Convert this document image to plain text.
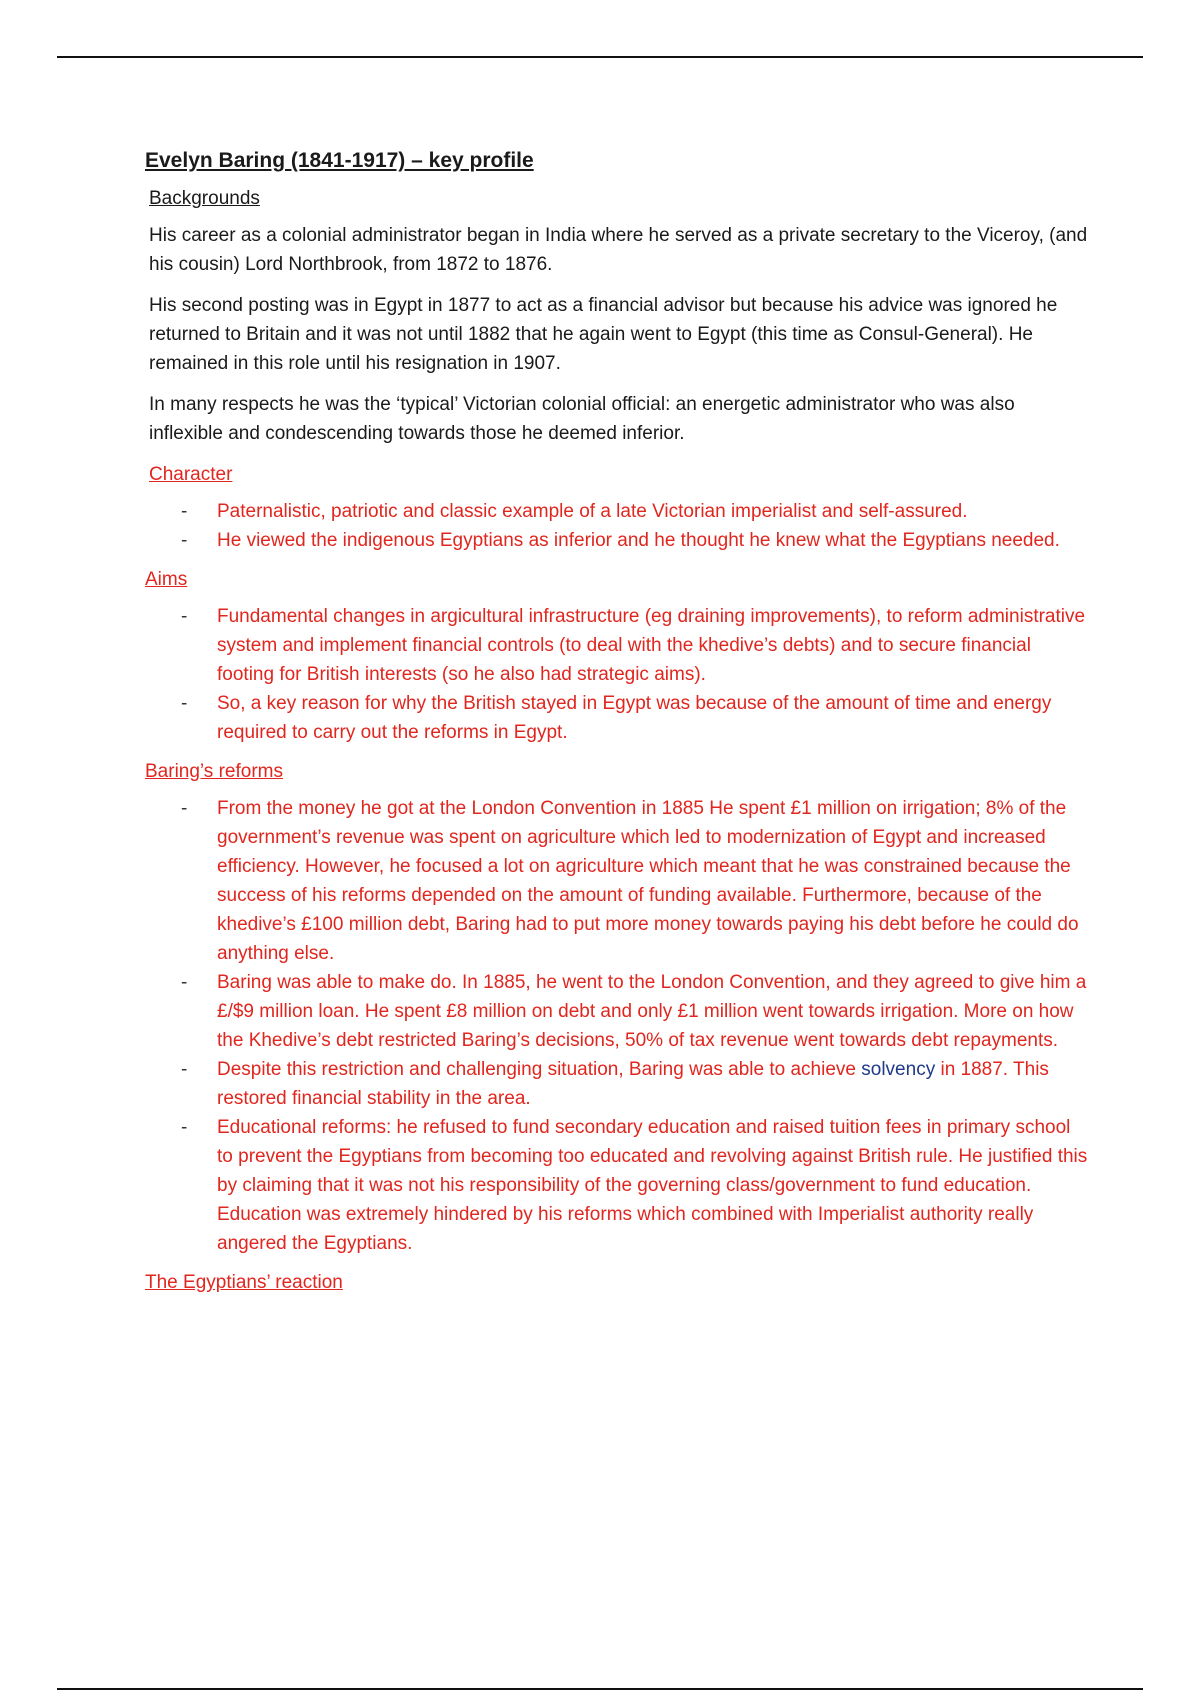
Evelyn Baring (1841-1917) – key profile
Backgrounds

His career as a colonial administrator began in India where he served as a private secretary to the Viceroy, (and his cousin) Lord Northbrook, from 1872 to 1876.

His second posting was in Egypt in 1877 to act as a financial advisor but because his advice was ignored he returned to Britain and it was not until 1882 that he again went to Egypt (this time as Consul-General). He remained in this role until his resignation in 1907.

In many respects he was the ‘typical’ Victorian colonial official: an energetic administrator who was also inflexible and condescending towards those he deemed inferior.

Character
- Paternalistic, patriotic and classic example of a late Victorian imperialist and self-assured.
- He viewed the indigenous Egyptians as inferior and he thought he knew what the Egyptians needed.
Aims
- Fundamental changes in argicultural infrastructure (eg draining improvements), to reform administrative system and implement financial controls (to deal with the khedive’s debts) and to secure financial footing for British interests (so he also had strategic aims).
- So, a key reason for why the British stayed in Egypt was because of the amount of time and energy required to carry out the reforms in Egypt.
Baring’s reforms
- From the money he got at the London Convention in 1885 He spent £1 million on irrigation; 8% of the government’s revenue was spent on agriculture which led to modernization of Egypt and increased efficiency. However, he focused a lot on agriculture which meant that he was constrained because the success of his reforms depended on the amount of funding available. Furthermore, because of the khedive’s £100 million debt, Baring had to put more money towards paying his debt before he could do anything else.
- Baring was able to make do. In 1885, he went to the London Convention, and they agreed to give him a £/$9 million loan. He spent £8 million on debt and only £1 million went towards irrigation. More on how the Khedive’s debt restricted Baring’s decisions, 50% of tax revenue went towards debt repayments.
- Despite this restriction and challenging situation, Baring was able to achieve solvency in 1887. This restored financial stability in the area.
- Educational reforms: he refused to fund secondary education and raised tuition fees in primary school to prevent the Egyptians from becoming too educated and revolving against British rule. He justified this by claiming that it was not his responsibility of the governing class/government to fund education. Education was extremely hindered by his reforms which combined with Imperialist authority really angered the Egyptians.
The Egyptians’ reaction
